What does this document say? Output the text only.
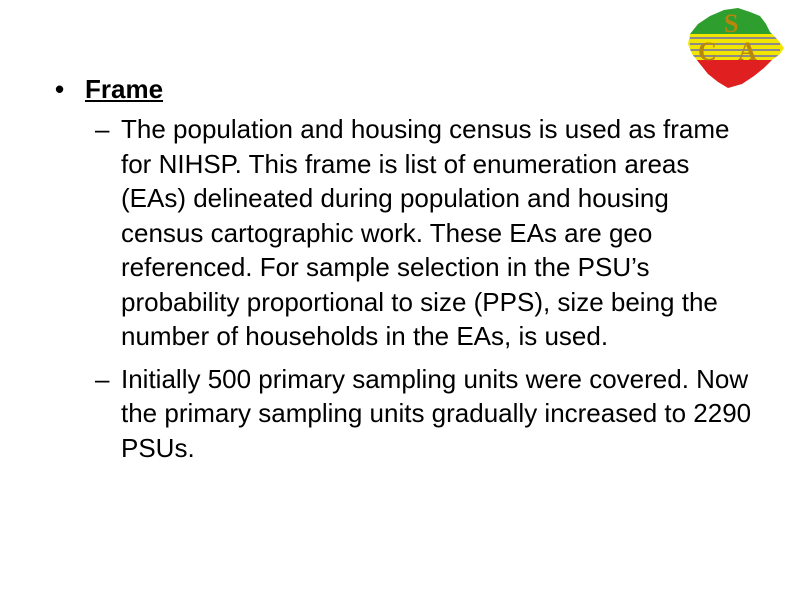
S
C A
• Frame
– The population and housing census is used as frame for NIHSP. This frame is list of enumeration areas (EAs) delineated during population and housing census cartographic work. These EAs are geo referenced. For sample selection in the PSU’s probability proportional to size (PPS), size being the number of households in the EAs, is used.
– Initially 500 primary sampling units were covered. Now the primary sampling units gradually increased to 2290 PSUs.
